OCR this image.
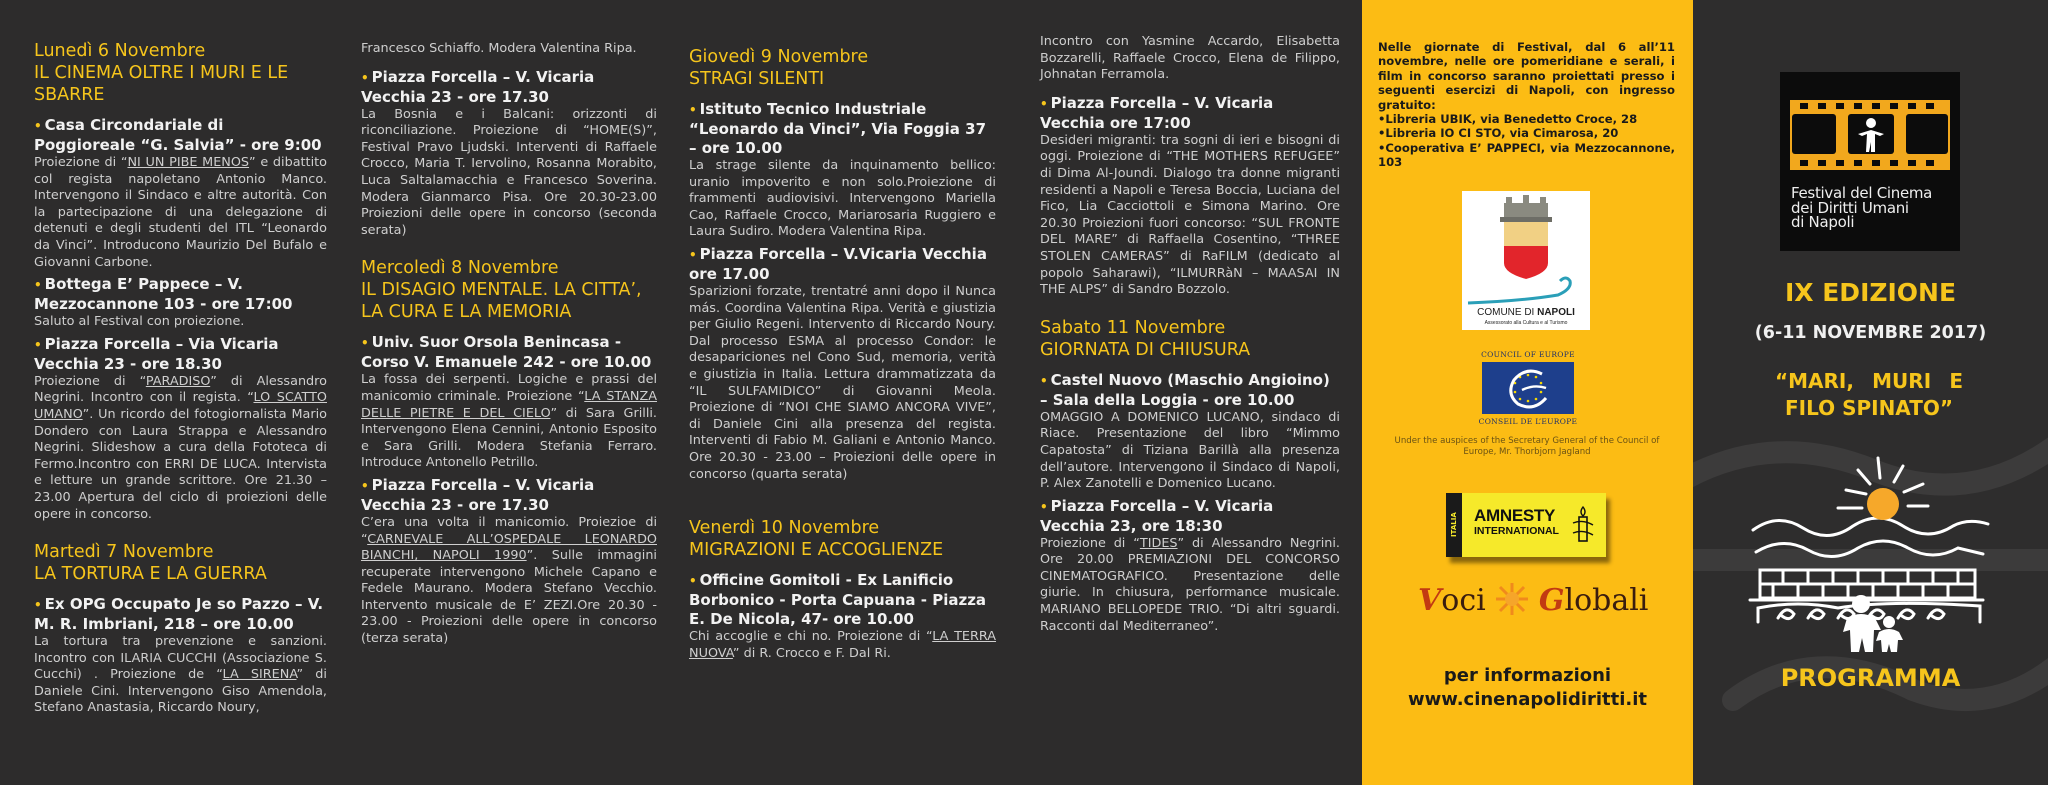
Lunedì 6 Novembre
IL CINEMA OLTRE I MURI E LE SBARRE
• Casa Circondariale di Poggioreale “G. Salvia” - ore 9:00
Proiezione di “NI UN PIBE MENOS” e dibattito col regista napoletano Antonio Manco. Intervengono il Sindaco e altre autorità. Con la partecipazione di una delegazione di detenuti e degli studenti del ITL “Leonardo da Vinci”. Introducono Maurizio Del Bufalo e Giovanni Carbone.
• Bottega E’ Pappece – V. Mezzocannone 103 - ore 17:00
Saluto al Festival con proiezione.
• Piazza Forcella – Via Vicaria Vecchia 23 - ore 18.30
Proiezione di “PARADISO” di Alessandro Negrini. Incontro con il regista. “LO SCATTO UMANO”. Un ricordo del fotogiornalista Mario Dondero con Laura Strappa e Alessandro Negrini. Slideshow a cura della Fototeca di Fermo.Incontro con ERRI DE LUCA. Intervista e letture un grande scrittore. Ore 21.30 – 23.00 Apertura del ciclo di proiezioni delle opere in concorso.
Martedì 7 Novembre
LA TORTURA E LA GUERRA
• Ex OPG Occupato Je so Pazzo – V. M. R. Imbriani, 218 – ore 10.00
La tortura tra prevenzione e sanzioni. Incontro con ILARIA CUCCHI (Associazione S. Cucchi) . Proiezione de “LA SIRENA” di Daniele Cini. Intervengono Giso Amendola, Stefano Anastasia, Riccardo Noury,
Francesco Schiaffo. Modera Valentina Ripa.
• Piazza Forcella – V. Vicaria Vecchia 23 - ore 17.30
La Bosnia e i Balcani: orizzonti di riconciliazione. Proiezione di “HOME(S)”, Festival Pravo Ljudski. Interventi di Raffaele Crocco, Maria T. Iervolino, Rosanna Morabito, Luca Saltalamacchia e Francesco Soverina. Modera Gianmarco Pisa. Ore 20.30-23.00 Proiezioni delle opere in concorso (seconda serata)
Mercoledì 8 Novembre
IL DISAGIO MENTALE. LA CITTA’, LA CURA E LA MEMORIA
• Univ. Suor Orsola Benincasa - Corso V. Emanuele 242 - ore 10.00
La fossa dei serpenti. Logiche e prassi del manicomio criminale. Proiezione “LA STANZA DELLE PIETRE E DEL CIELO” di Sara Grilli. Intervengono Elena Cennini, Antonio Esposito e Sara Grilli. Modera Stefania Ferraro. Introduce Antonello Petrillo.
• Piazza Forcella – V. Vicaria Vecchia 23 - ore 17.30
C’era una volta il manicomio. Proiezioe di “CARNEVALE ALL’OSPEDALE LEONARDO BIANCHI, NAPOLI 1990”. Sulle immagini recuperate intervengono Michele Capano e Fedele Maurano. Modera Stefano Vecchio. Intervento musicale de E’ ZEZI.Ore 20.30 - 23.00 - Proiezioni delle opere in concorso (terza serata)
Giovedì 9 Novembre
STRAGI SILENTI
• Istituto Tecnico Industriale “Leonardo da Vinci”, Via Foggia 37 – ore 10.00
La strage silente da inquinamento bellico: uranio impoverito e non solo.Proiezione di frammenti audiovisivi. Intervengono Mariella Cao, Raffaele Crocco, Mariarosaria Ruggiero e Laura Sudiro. Modera Valentina Ripa.
• Piazza Forcella – V.Vicaria Vecchia ore 17.00
Sparizioni forzate, trentatré anni dopo il Nunca más. Coordina Valentina Ripa. Verità e giustizia per Giulio Regeni. Intervento di Riccardo Noury. Dal processo ESMA al processo Condor: le desapariciones nel Cono Sud, memoria, verità e giustizia in Italia. Lettura drammatizzata da “IL SULFAMIDICO” di Giovanni Meola. Proiezione di “NOI CHE SIAMO ANCORA VIVE”, di Daniele Cini alla presenza del regista. Interventi di Fabio M. Galiani e Antonio Manco. Ore 20.30 - 23.00 – Proiezioni delle opere in concorso (quarta serata)
Venerdì 10 Novembre
MIGRAZIONI E ACCOGLIENZE
• Officine Gomitoli - Ex Lanificio Borbonico - Porta Capuana - Piazza E. De Nicola, 47- ore 10.00
Chi accoglie e chi no. Proiezione di “LA TERRA NUOVA” di R. Crocco e F. Dal Ri.
Incontro con Yasmine Accardo, Elisabetta Bozzarelli, Raffaele Crocco, Elena de Filippo, Johnatan Ferramola.
• Piazza Forcella – V. Vicaria Vecchia ore 17:00
Desideri migranti: tra sogni di ieri e bisogni di oggi. Proiezione di “THE MOTHERS REFUGEE” di Dima Al-Joundi. Dialogo tra donne migranti residenti a Napoli e Teresa Boccia, Luciana del Fico, Lia Cacciottoli e Simona Marino. Ore 20.30 Proiezioni fuori concorso: “SUL FRONTE DEL MARE” di Raffaella Cosentino, “THREE STOLEN CAMERAS” di RaFILM (dedicato al popolo Saharawi), “ILMURRàN – MAASAI IN THE ALPS” di Sandro Bozzolo.
Sabato 11 Novembre
GIORNATA DI CHIUSURA
• Castel Nuovo (Maschio Angioino) – Sala della Loggia - ore 10.00
OMAGGIO A DOMENICO LUCANO, sindaco di Riace. Presentazione del libro “Mimmo Capatosta” di Tiziana Barillà alla presenza dell’autore. Intervengono il Sindaco di Napoli, P. Alex Zanotelli e Domenico Lucano.
• Piazza Forcella – V. Vicaria Vecchia 23, ore 18:30
Proiezione di “TIDES” di Alessandro Negrini. Ore 20.00 PREMIAZIONI DEL CONCORSO CINEMATOGRAFICO. Presentazione delle giurie. In chiusura, performance musicale. MARIANO BELLOPEDE TRIO. “Di altri sguardi. Racconti dal Mediterraneo”.

Nelle giornate di Festival, dal 6 all’11 novembre, nelle ore pomeridiane e serali, i film in concorso saranno proiettati presso i seguenti esercizi di Napoli, con ingresso gratuito:

•Libreria UBIK, via Benedetto Croce, 28
•Libreria IO CI STO, via Cimarosa, 20
•Cooperativa E’ PAPPECI, via Mezzocannone, 103
COMUNE DI NAPOLI
Assessorato alla Cultura e al Turismo
COUNCIL OF EUROPE
CONSEIL DE L’EUROPE
Under the auspices of the Secretary General of the Council of Europe, Mr. Thorbjorn Jagland
ITALIA AMNESTY
INTERNATIONAL
Voci Globali
per informazioni
www.cinenapolidiritti.it
Festival del Cinema
dei Diritti Umani
di Napoli
IX EDIZIONE
(6-11 NOVEMBRE 2017)
“MARI, MURI E FILO SPINATO”
PROGRAMMA
